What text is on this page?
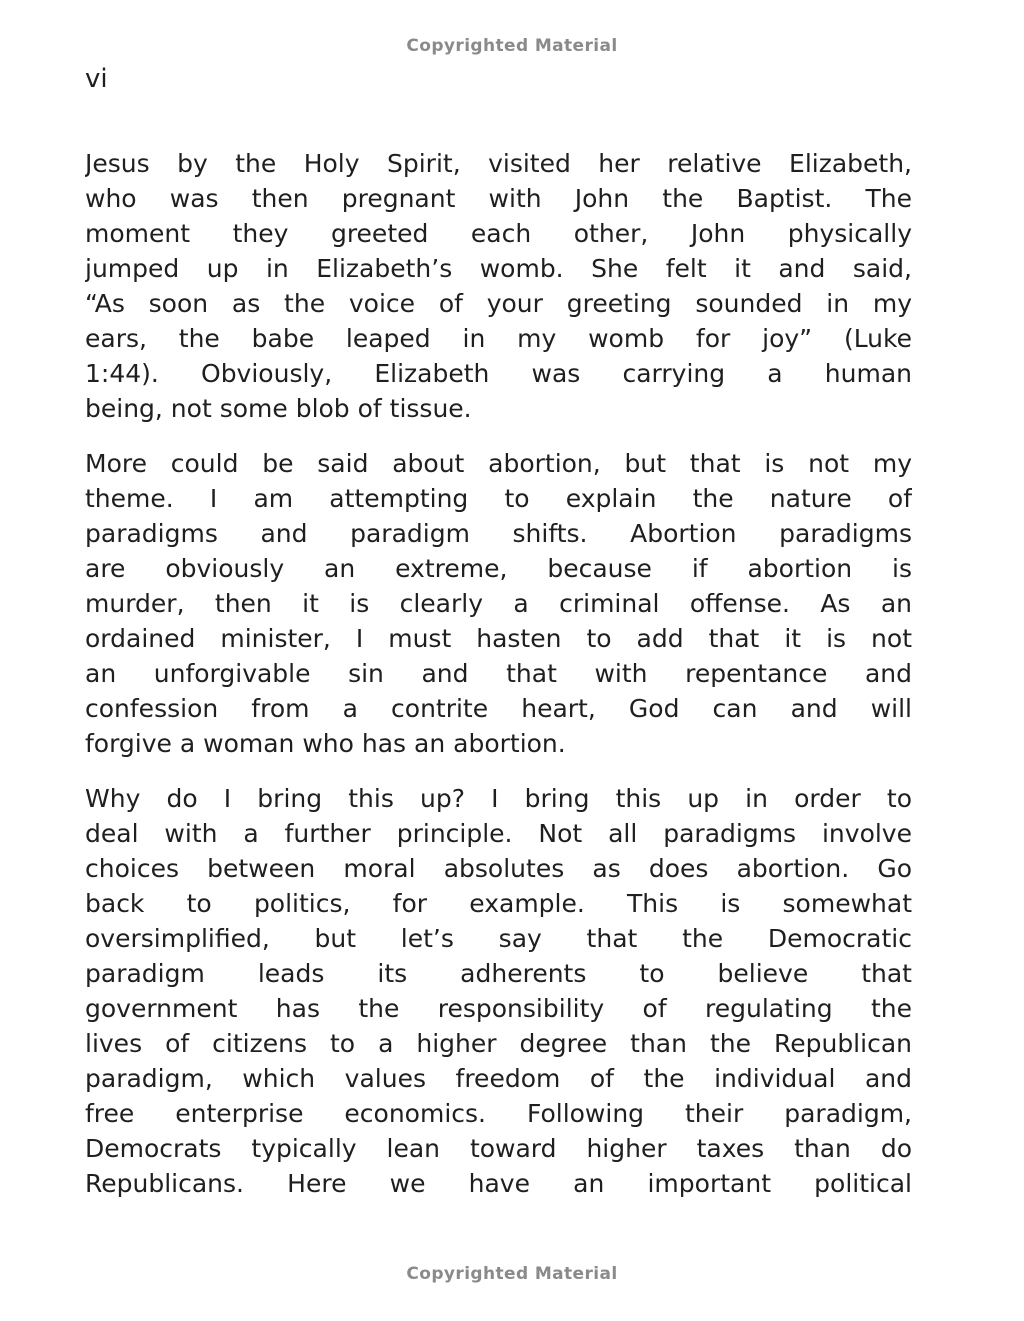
Copyrighted Material
vi
Jesus by the Holy Spirit, visited her relative Elizabeth,
who was then pregnant with John the Baptist. The
moment they greeted each other, John physically
jumped up in Elizabeth’s womb. She felt it and said,
“As soon as the voice of your greeting sounded in my
ears, the babe leaped in my womb for joy” (Luke
1:44). Obviously, Elizabeth was carrying a human
being, not some blob of tissue.
More could be said about abortion, but that is not my
theme. I am attempting to explain the nature of
paradigms and paradigm shifts. Abortion paradigms
are obviously an extreme, because if abortion is
murder, then it is clearly a criminal offense. As an
ordained minister, I must hasten to add that it is not
an unforgivable sin and that with repentance and
confession from a contrite heart, God can and will
forgive a woman who has an abortion.
Why do I bring this up? I bring this up in order to
deal with a further principle. Not all paradigms involve
choices between moral absolutes as does abortion. Go
back to politics, for example. This is somewhat
oversimplified, but let’s say that the Democratic
paradigm leads its adherents to believe that
government has the responsibility of regulating the
lives of citizens to a higher degree than the Republican
paradigm, which values freedom of the individual and
free enterprise economics. Following their paradigm,
Democrats typically lean toward higher taxes than do
Republicans. Here we have an important political
Copyrighted Material
